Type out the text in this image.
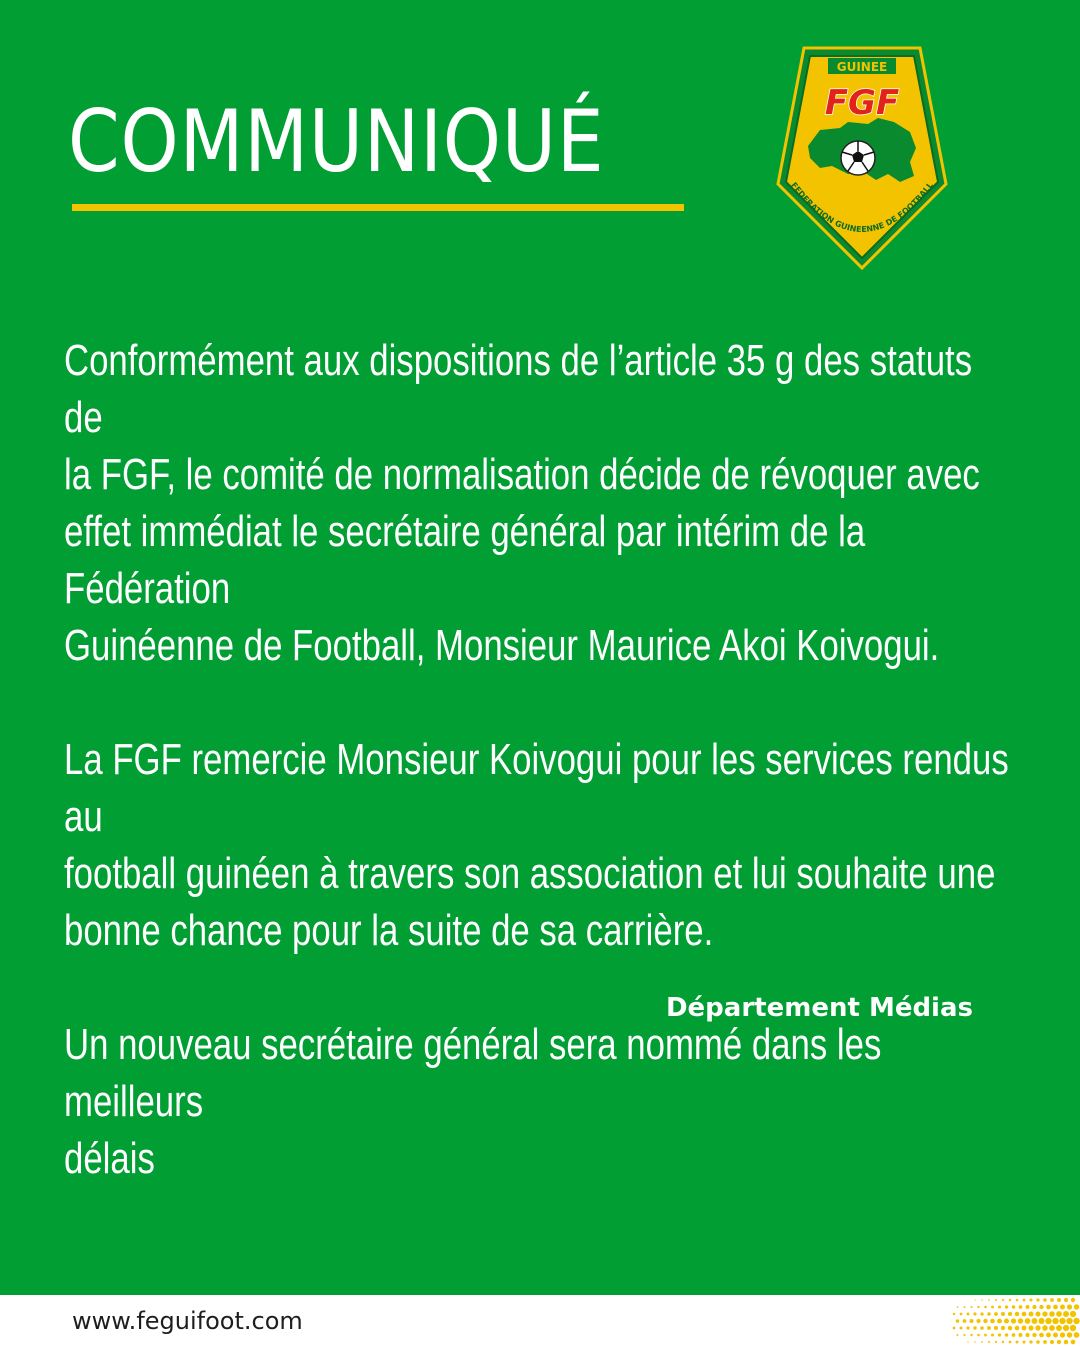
COMMUNIQUÉ	FGF
FEDERATION GUINEENNE DE FOOTBALL
GUINEE

Conformément aux dispositions de l’article 35 g des statuts de
la FGF, le comité de normalisation décide de révoquer avec
effet immédiat le secrétaire général par intérim de la Fédération
Guinéenne de Football, Monsieur Maurice Akoi Koivogui.

La FGF remercie Monsieur Koivogui pour les services rendus au
football guinéen à travers son association et lui souhaite une
bonne chance pour la suite de sa carrière.

Un nouveau secrétaire général sera nommé dans les meilleurs
délais

Département Médias

www.feguifoot.com
